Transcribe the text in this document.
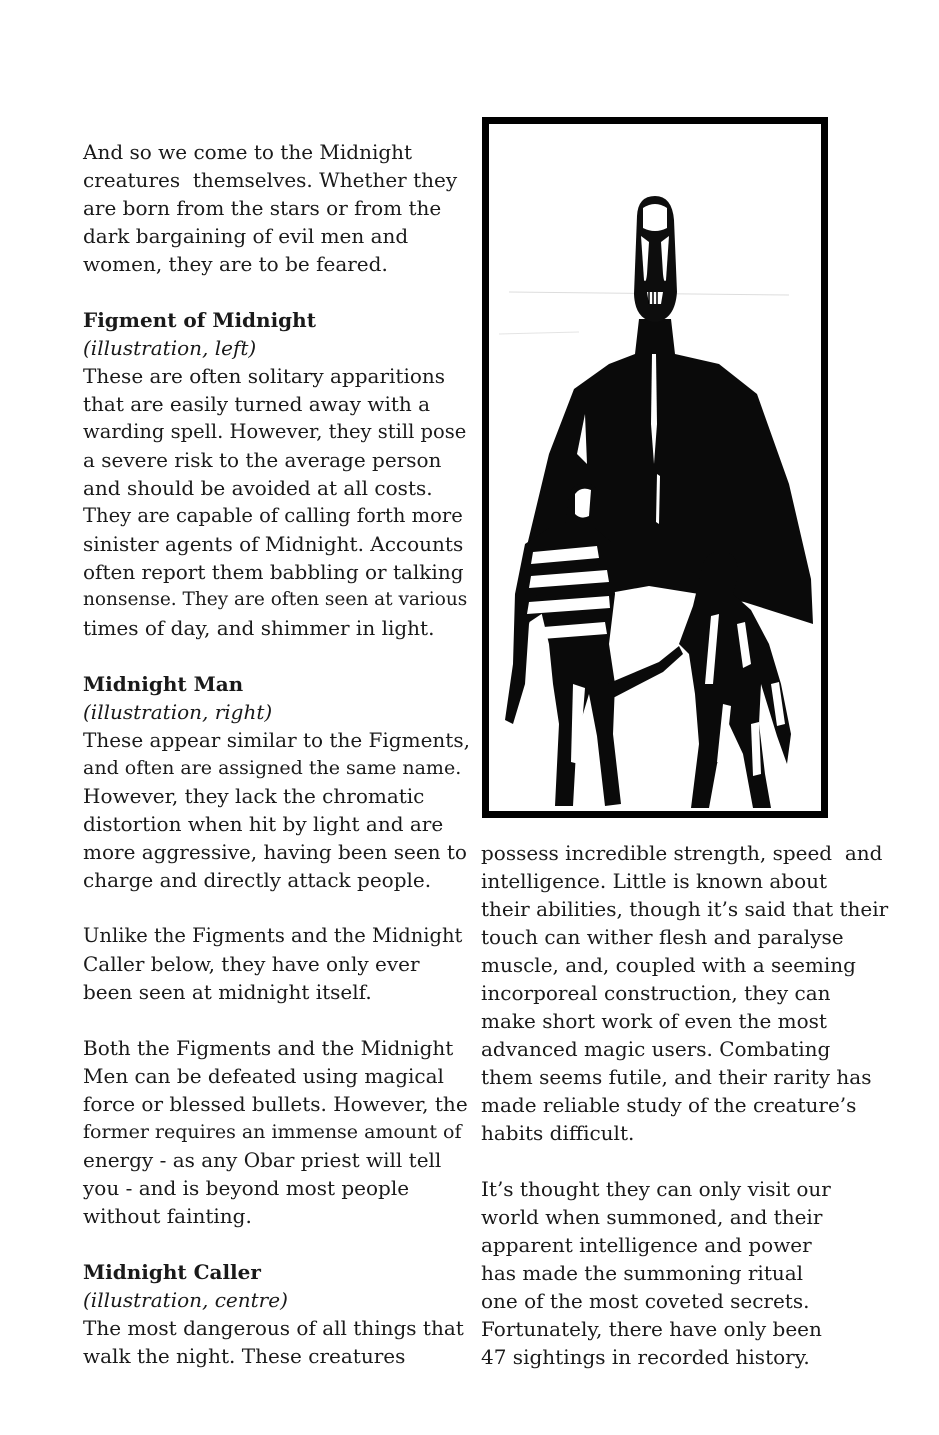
And so we come to the Midnight
creatures  themselves. Whether they
are born from the stars or from the
dark bargaining of evil men and
women, they are to be feared.
Figment of Midnight
(illustration, left)
These are often solitary apparitions
that are easily turned away with a
warding spell. However, they still pose
a severe risk to the average person
and should be avoided at all costs.
They are capable of calling forth more
sinister agents of Midnight. Accounts
often report them babbling or talking
nonsense. They are often seen at various
times of day, and shimmer in light.
Midnight Man
(illustration, right)
These appear similar to the Figments,
and often are assigned the same name.
However, they lack the chromatic
distortion when hit by light and are
more aggressive, having been seen to
charge and directly attack people.
Unlike the Figments and the Midnight
Caller below, they have only ever
been seen at midnight itself.
Both the Figments and the Midnight
Men can be defeated using magical
force or blessed bullets. However, the
former requires an immense amount of
energy - as any Obar priest will tell
you - and is beyond most people
without fainting.
Midnight Caller
(illustration, centre)
The most dangerous of all things that
walk the night. These creatures
possess incredible strength, speed  and
intelligence. Little is known about
their abilities, though it’s said that their
touch can wither flesh and paralyse
muscle, and, coupled with a seeming
incorporeal construction, they can
make short work of even the most
advanced magic users. Combating
them seems futile, and their rarity has
made reliable study of the creature’s
habits difficult.
It’s thought they can only visit our
world when summoned, and their
apparent intelligence and power
has made the summoning ritual
one of the most coveted secrets.
Fortunately, there have only been
47 sightings in recorded history.
